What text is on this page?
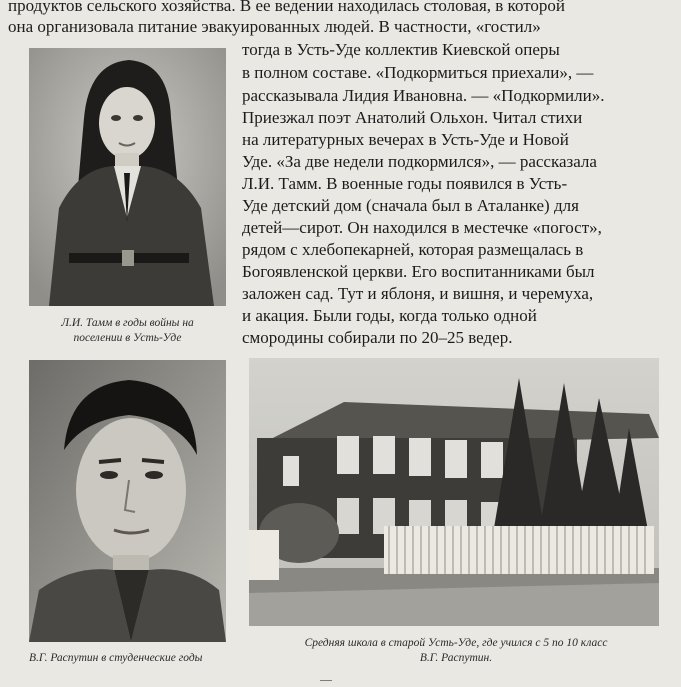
продуктов сельского хозяйства. В ее ведении находилась столовая, в которой
она организовала питание эвакуированных людей. В частности, «гостил»
тогда в Усть-Уде коллектив Киевской оперы
в полном составе. «Подкормиться приехали», —
рассказывала Лидия Ивановна. — «Подкормили».
Приезжал поэт Анатолий Ольхон. Читал стихи
на литературных вечерах в Усть-Уде и Новой
Уде. «За две недели подкормился», — рассказала
Л.И. Тамм. В военные годы появился в Усть-
Уде детский дом (сначала был в Аталанке) для
детей—сирот. Он находился в местечке «погост»,
рядом с хлебопекарней, которая размещалась в
Богоявленской церкви. Его воспитанниками был
заложен сад. Тут и яблоня, и вишня, и черемуха,
и акация. Были годы, когда только одной
смородины собирали по 20–25 ведер.
Л.И. Тамм в годы войны на
поселении в Усть-Уде
В.Г. Распутин в студенческие годы
Средняя школа в старой Усть-Уде, где учился с 5 по 10 класс
В.Г. Распутин.
—
